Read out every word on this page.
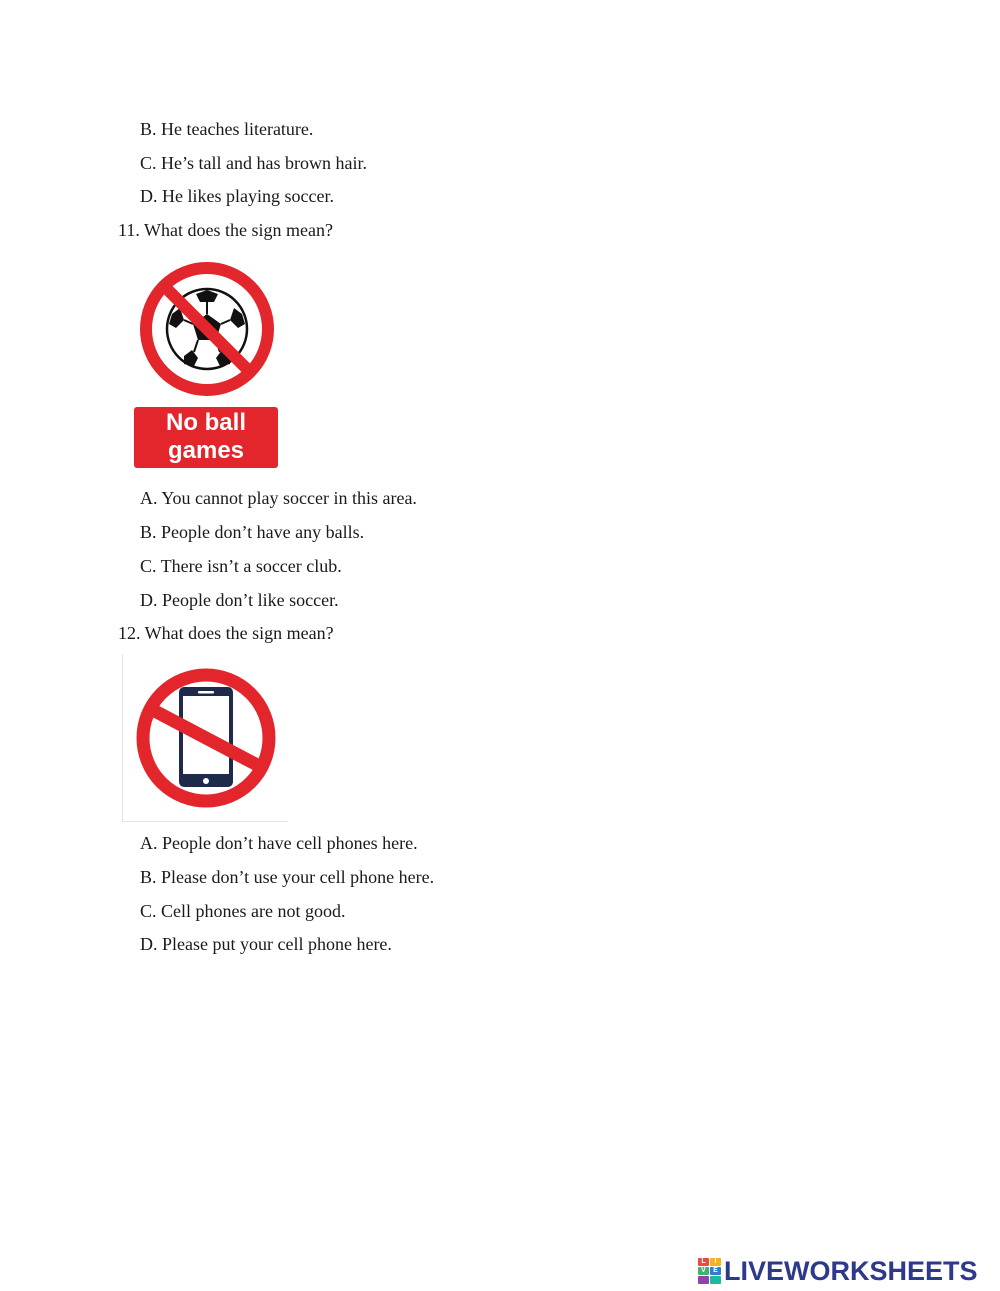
B. He teaches literature.
C. He’s tall and has brown hair.
D. He likes playing soccer.
11. What does the sign mean?
No ball
games
A. You cannot play soccer in this area.
B. People don’t have any balls.
C. There isn’t a soccer club.
D. People don’t like soccer.
12. What does the sign mean?
A. People don’t have cell phones here.
B. Please don’t use your cell phone here.
C. Cell phones are not good.
D. Please put your cell phone here.
L	I
V	E LIVEWORKSHEETS
